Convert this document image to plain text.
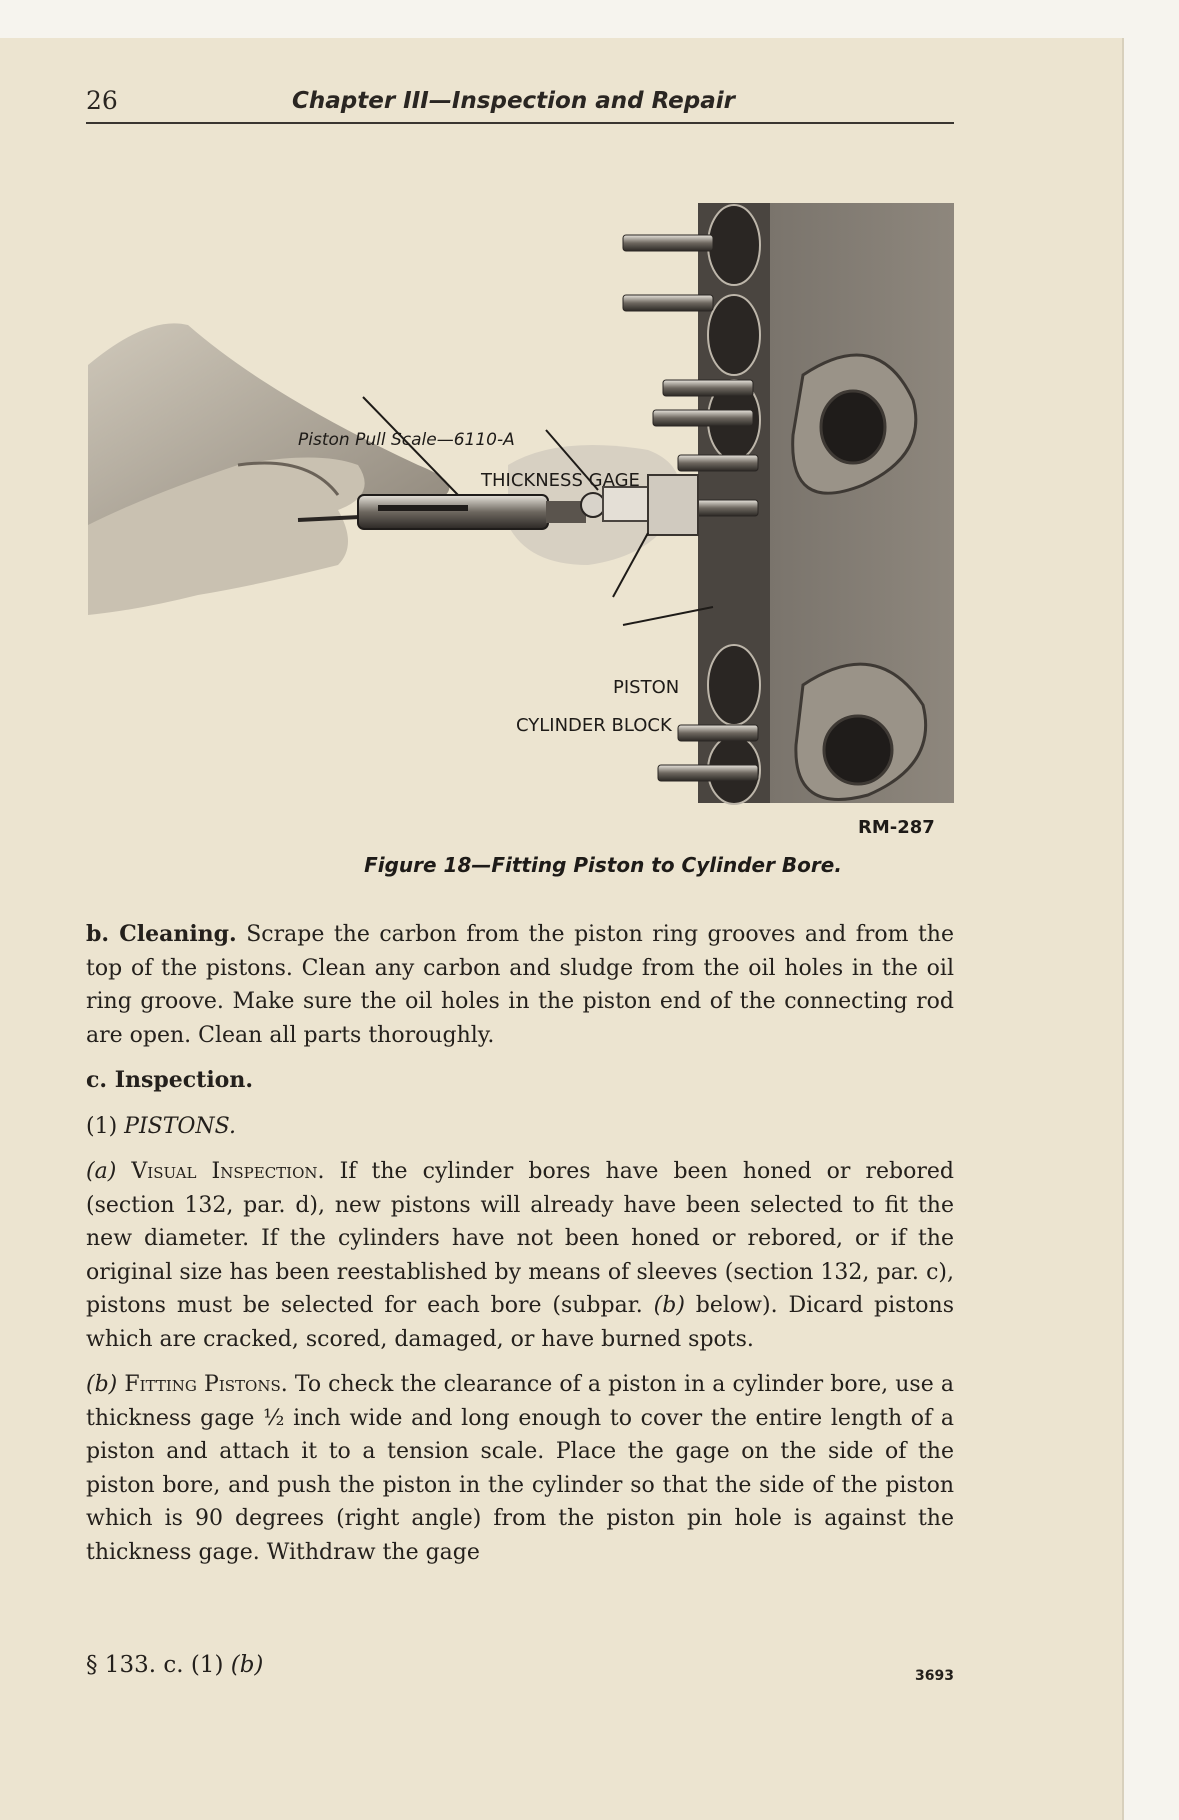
26	Chapter III—Inspection and Repair
Piston Pull Scale—6110-A
THICKNESS GAGE
PISTON
CYLINDER BLOCK
RM-287
Figure 18—Fitting Piston to Cylinder Bore.

b. Cleaning. Scrape the carbon from the piston ring grooves and from the top of the pistons. Clean any carbon and sludge from the oil holes in the oil ring groove. Make sure the oil holes in the piston end of the connecting rod are open. Clean all parts thoroughly.

c. Inspection.

(1) PISTONS.

(a) Visual Inspection. If the cylinder bores have been honed or rebored (section 132, par. d), new pistons will already have been selected to fit the new diameter. If the cylinders have not been honed or rebored, or if the original size has been reestablished by means of sleeves (section 132, par. c), pistons must be selected for each bore (subpar. (b) below). Dicard pistons which are cracked, scored, damaged, or have burned spots.

(b) Fitting Pistons. To check the clearance of a piston in a cylinder bore, use a thickness gage ½ inch wide and long enough to cover the entire length of a piston and attach it to a tension scale. Place the gage on the side of the piston bore, and push the piston in the cylinder so that the side of the piston which is 90 degrees (right angle) from the piston pin hole is against the thickness gage. Withdraw the gage

§ 133. c. (1) (b)	3693
